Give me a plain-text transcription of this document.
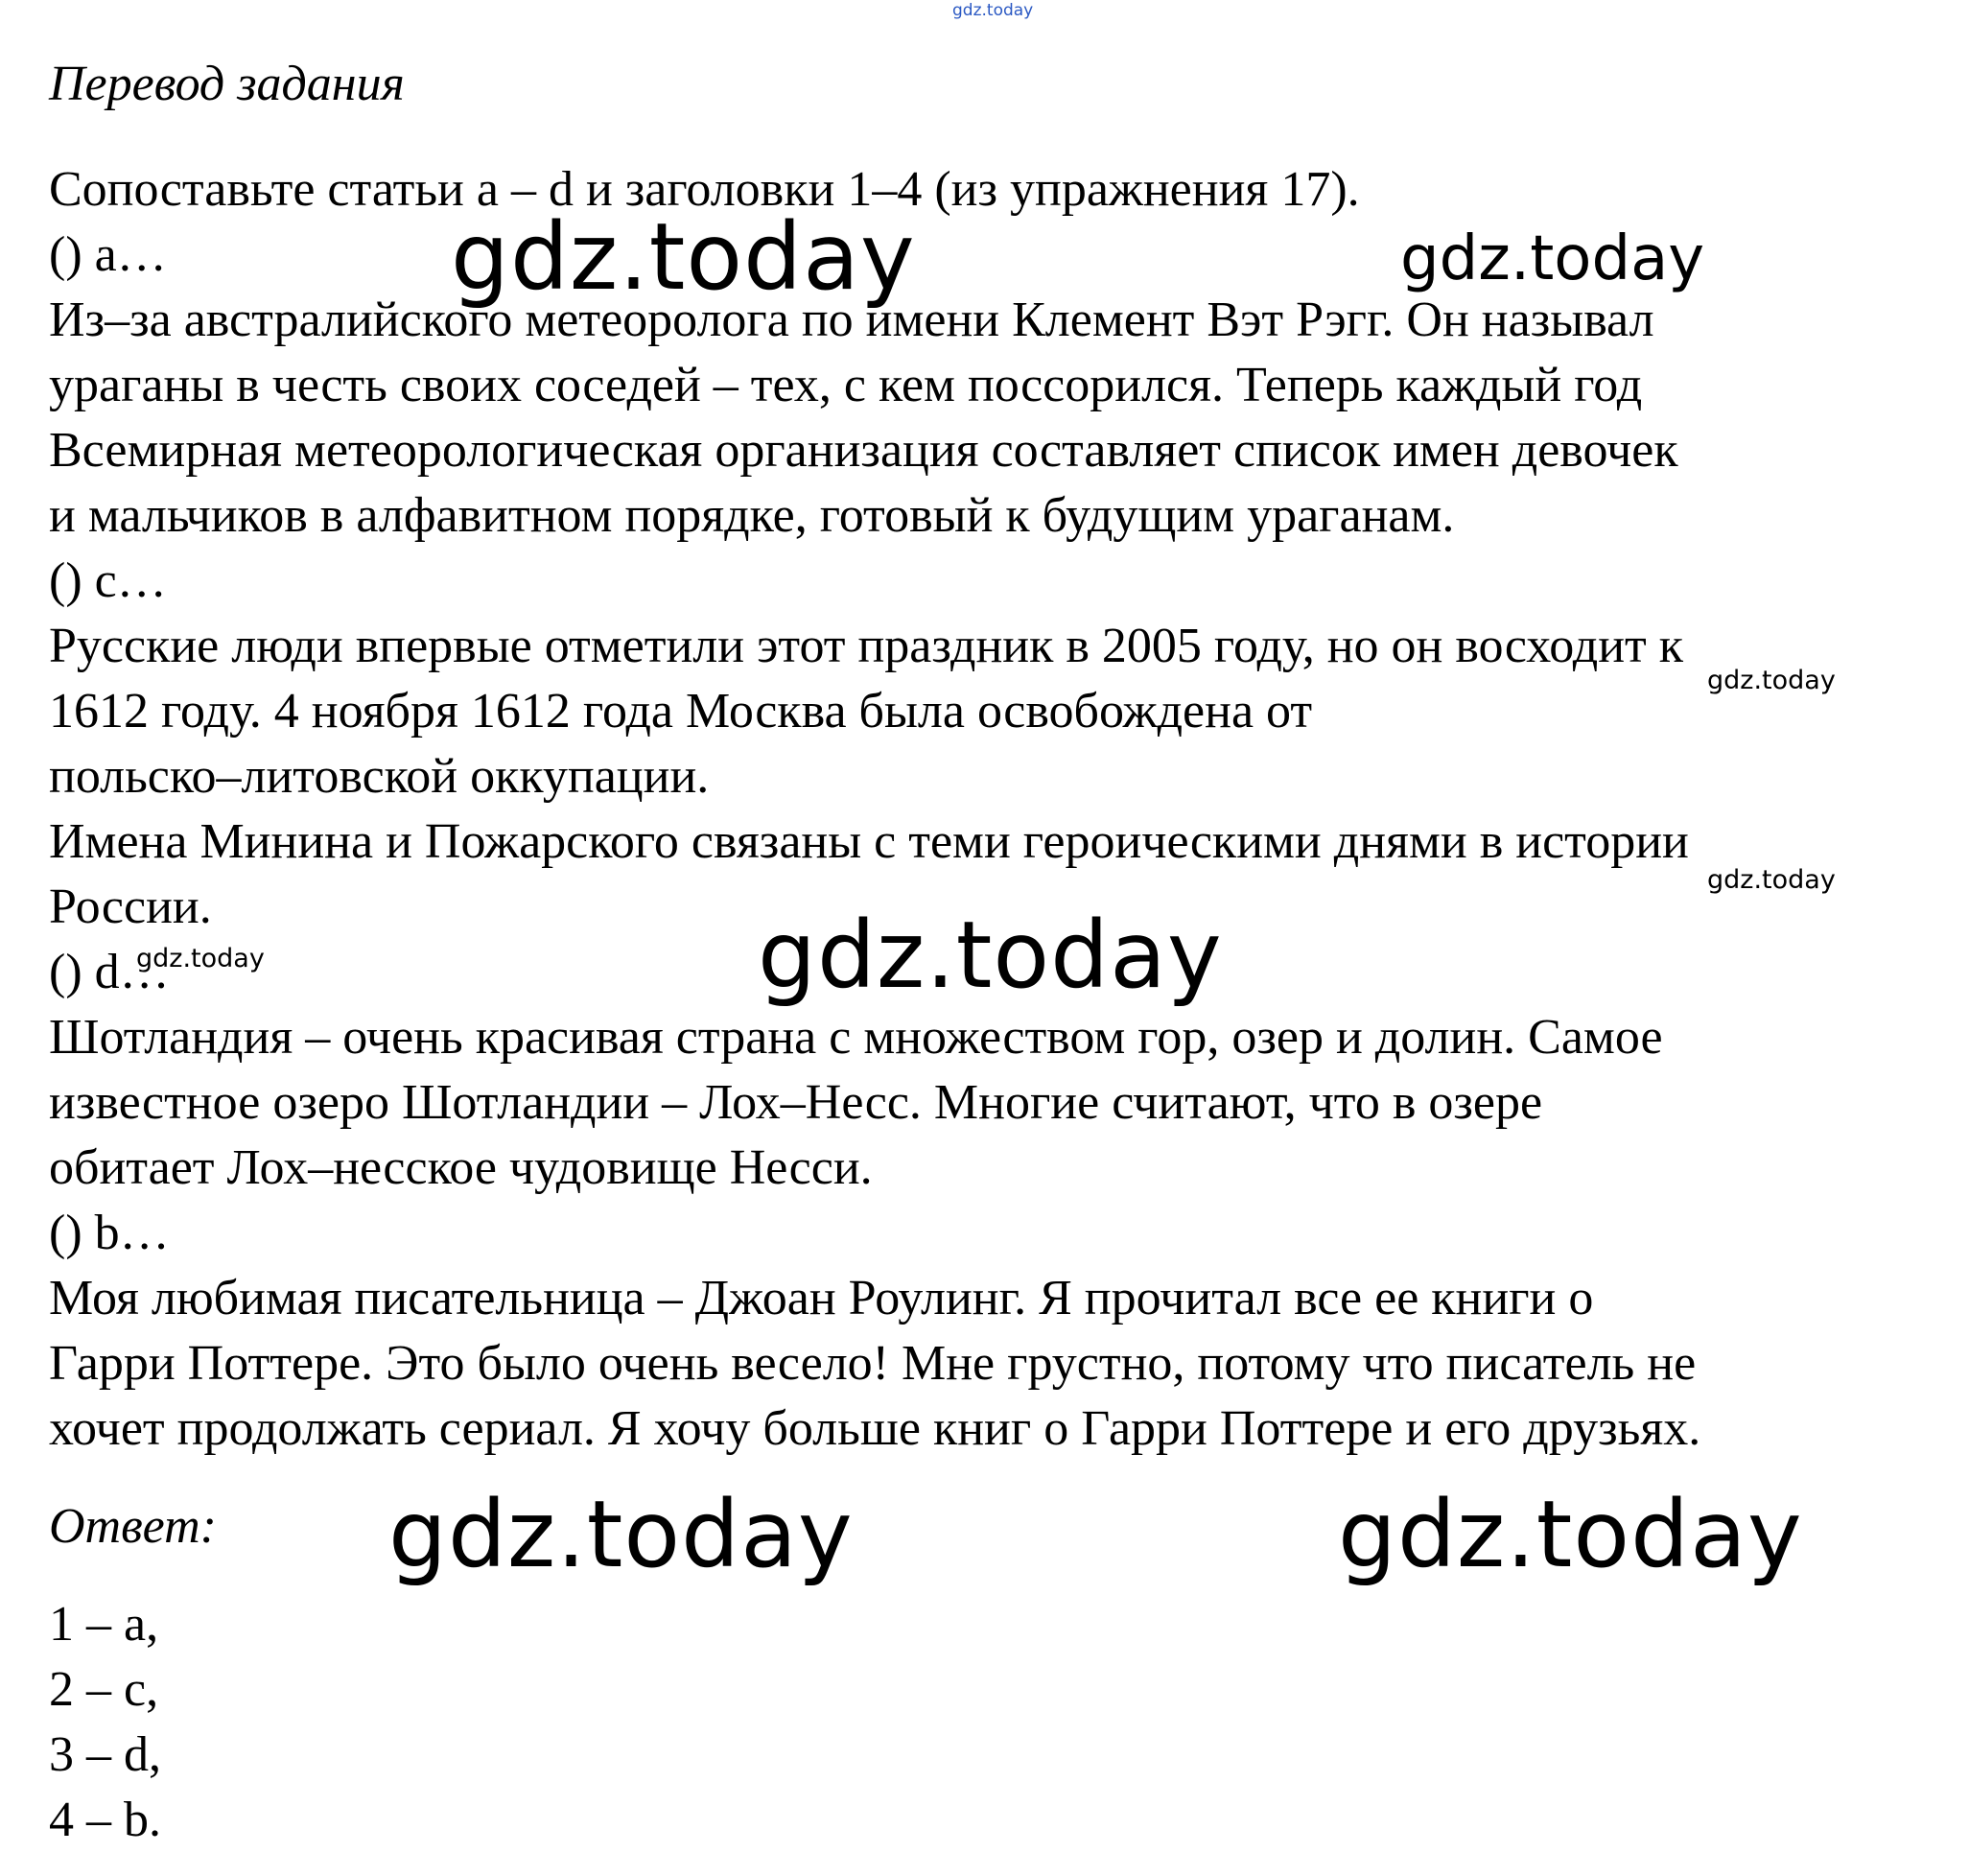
gdz.today
Перевод задания
Сопоставьте статьи a – d и заголовки 1–4 (из упражнения 17).
() a…
Из–за австралийского метеоролога по имени Клемент Вэт Рэгг. Он называл
ураганы в честь своих соседей – тех, с кем поссорился. Теперь каждый год
Всемирная метеорологическая организация составляет список имен девочек
и мальчиков в алфавитном порядке, готовый к будущим ураганам.
() c…
Русские люди впервые отметили этот праздник в 2005 году, но он восходит к
1612 году. 4 ноября 1612 года Москва была освобождена от
польско–литовской оккупации.
Имена Минина и Пожарского связаны с теми героическими днями в истории
России.
() d…
Шотландия – очень красивая страна с множеством гор, озер и долин. Самое
известное озеро Шотландии – Лох–Несс. Многие считают, что в озере
обитает Лох–несское чудовище Несси.
() b…
Моя любимая писательница – Джоан Роулинг. Я прочитал все ее книги о
Гарри Поттере. Это было очень весело! Мне грустно, потому что писатель не
хочет продолжать сериал. Я хочу больше книг о Гарри Поттере и его друзьях.
Ответ:
1 – a,
2 – c,
3 – d,
4 – b.
gdz.today	gdz.today
gdz.today
gdz.today
gdz.today	gdz.today
gdz.today	gdz.today
